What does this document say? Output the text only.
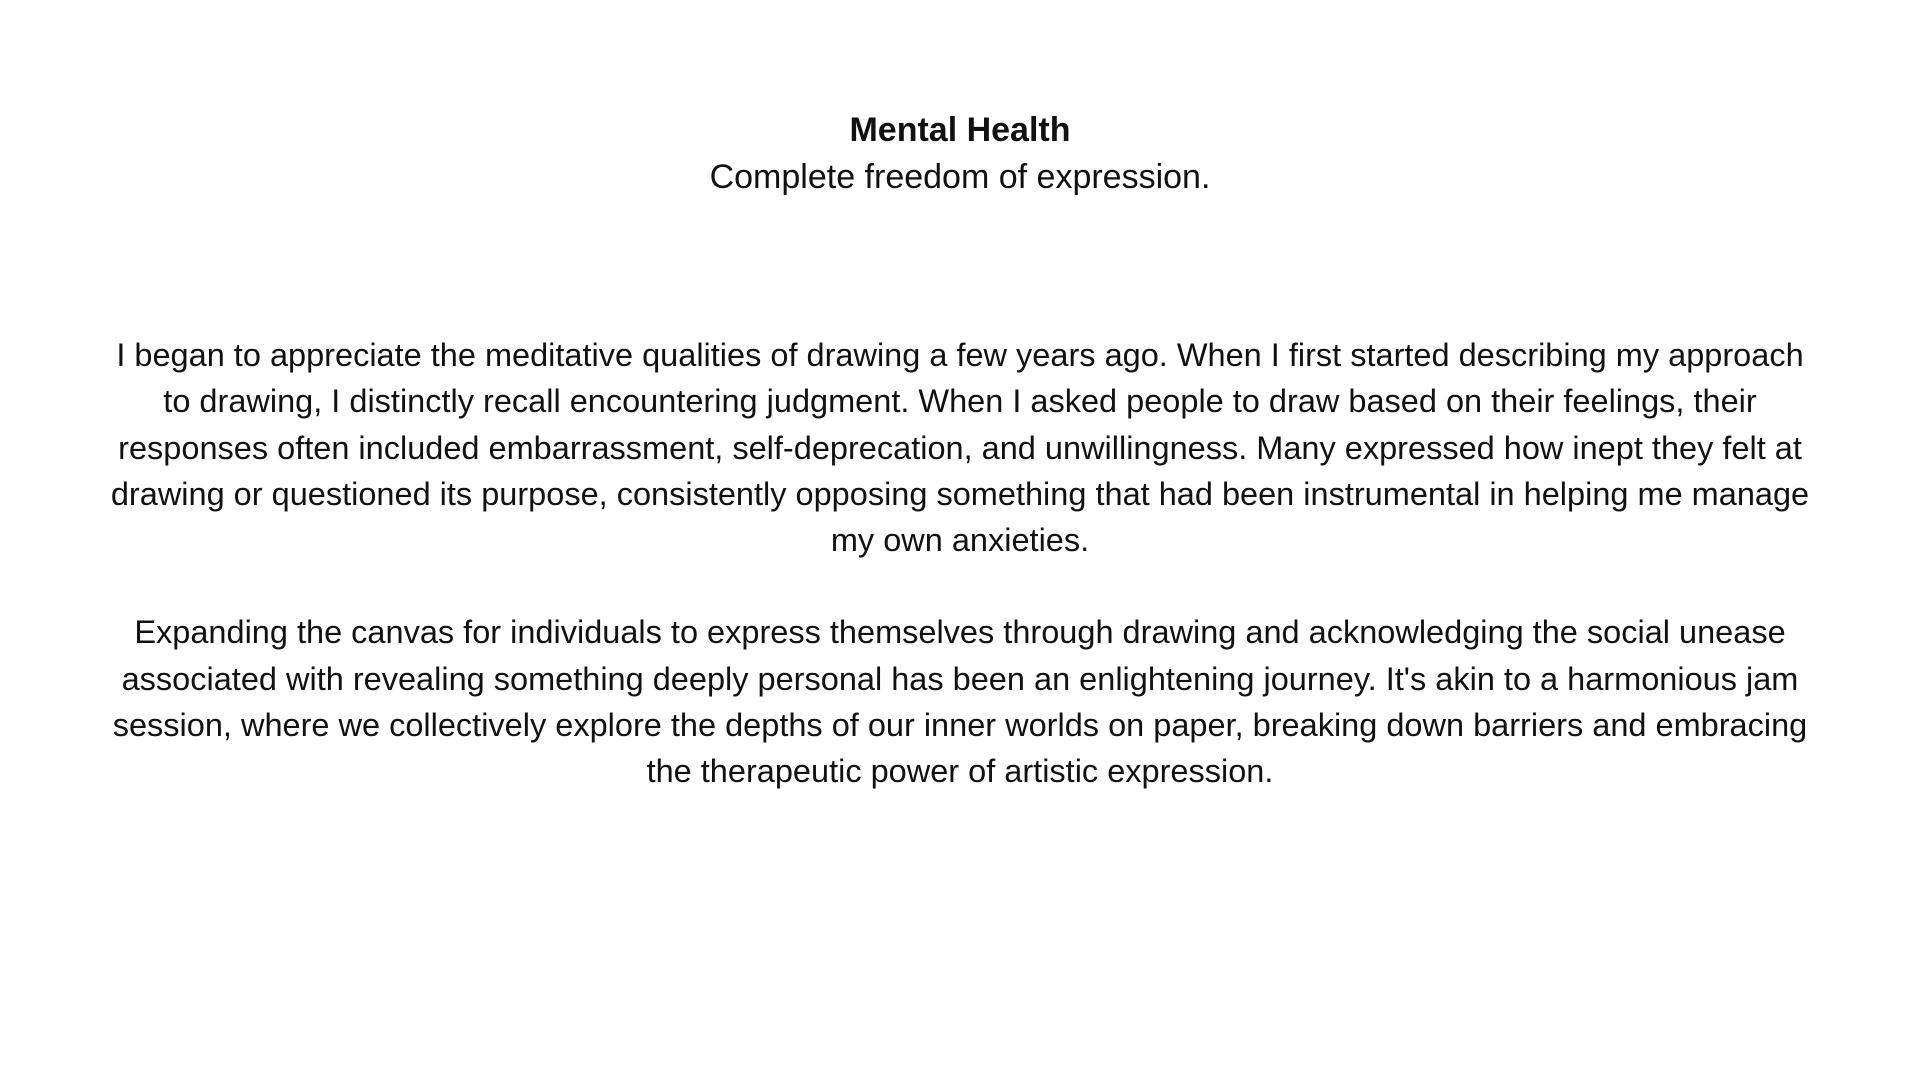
Mental Health

Complete freedom of expression.

I began to appreciate the meditative qualities of drawing a few years ago. When I first started describing my approach to drawing, I distinctly recall encountering judgment. When I asked people to draw based on their feelings, their responses often included embarrassment, self-deprecation, and unwillingness. Many expressed how inept they felt at drawing or questioned its purpose, consistently opposing something that had been instrumental in helping me manage my own anxieties.

Expanding the canvas for individuals to express themselves through drawing and acknowledging the social unease associated with revealing something deeply personal has been an enlightening journey. It's akin to a harmonious jam session, where we collectively explore the depths of our inner worlds on paper, breaking down barriers and embracing the therapeutic power of artistic expression.
